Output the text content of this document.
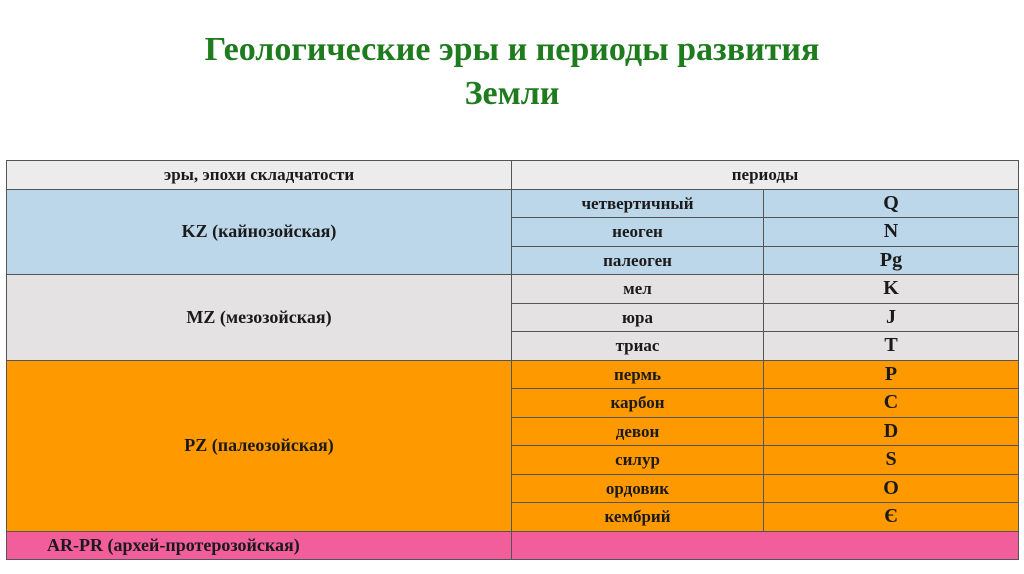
Геологические эры и периоды развития
Земли
эры, эпохи складчатости	периоды	
KZ (кайнозойская)	четвертичный	Q
	неоген	N
	палеоген	Pg
MZ (мезозойская)	мел	K
	юра	J
	триас	T
PZ (палеозойская)	пермь	P
	карбон	C
	девон	D
	силур	S
	ордовик	O
	кембрий	Є
AR-PR (архей-протерозойская)		
